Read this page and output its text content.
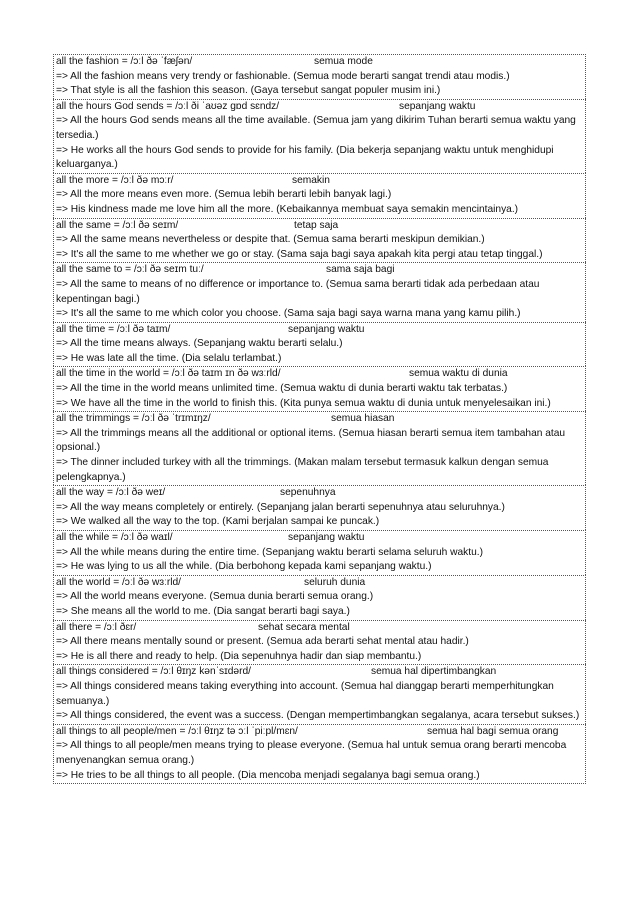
all the fashion = /ɔːl ðə ˈfæʃən/	semua mode
=> All the fashion means very trendy or fashionable. (Semua mode berarti sangat trendi atau modis.)
=> That style is all the fashion this season. (Gaya tersebut sangat populer musim ini.)
all the hours God sends = /ɔːl ði ˈaʊəz gɒd sɛndz/	sepanjang waktu
=> All the hours God sends means all the time available. (Semua jam yang dikirim Tuhan berarti semua waktu yang tersedia.)
=> He works all the hours God sends to provide for his family. (Dia bekerja sepanjang waktu untuk menghidupi keluarganya.)
all the more = /ɔːl ðə mɔːr/	semakin
=> All the more means even more. (Semua lebih berarti lebih banyak lagi.)
=> His kindness made me love him all the more. (Kebaikannya membuat saya semakin mencintainya.)
all the same = /ɔːl ðə seɪm/	tetap saja
=> All the same means nevertheless or despite that. (Semua sama berarti meskipun demikian.)
=> It's all the same to me whether we go or stay. (Sama saja bagi saya apakah kita pergi atau tetap tinggal.)
all the same to = /ɔːl ðə seɪm tuː/	sama saja bagi
=> All the same to means of no difference or importance to. (Semua sama berarti tidak ada perbedaan atau kepentingan bagi.)
=> It's all the same to me which color you choose. (Sama saja bagi saya warna mana yang kamu pilih.)
all the time = /ɔːl ðə taɪm/	sepanjang waktu
=> All the time means always. (Sepanjang waktu berarti selalu.)
=> He was late all the time. (Dia selalu terlambat.)
all the time in the world = /ɔːl ðə taɪm ɪn ðə wɜːrld/	semua waktu di dunia
=> All the time in the world means unlimited time. (Semua waktu di dunia berarti waktu tak terbatas.)
=> We have all the time in the world to finish this. (Kita punya semua waktu di dunia untuk menyelesaikan ini.)
all the trimmings = /ɔːl ðə ˈtrɪmɪŋz/	semua hiasan
=> All the trimmings means all the additional or optional items. (Semua hiasan berarti semua item tambahan atau opsional.)
=> The dinner included turkey with all the trimmings. (Makan malam tersebut termasuk kalkun dengan semua pelengkapnya.)
all the way = /ɔːl ðə weɪ/	sepenuhnya
=> All the way means completely or entirely. (Sepanjang jalan berarti sepenuhnya atau seluruhnya.)
=> We walked all the way to the top. (Kami berjalan sampai ke puncak.)
all the while = /ɔːl ðə waɪl/	sepanjang waktu
=> All the while means during the entire time. (Sepanjang waktu berarti selama seluruh waktu.)
=> He was lying to us all the while. (Dia berbohong kepada kami sepanjang waktu.)
all the world = /ɔːl ðə wɜːrld/	seluruh dunia
=> All the world means everyone. (Semua dunia berarti semua orang.)
=> She means all the world to me. (Dia sangat berarti bagi saya.)
all there = /ɔːl ðɛr/	sehat secara mental
=> All there means mentally sound or present. (Semua ada berarti sehat mental atau hadir.)
=> He is all there and ready to help. (Dia sepenuhnya hadir dan siap membantu.)
all things considered = /ɔːl θɪŋz kənˈsɪdərd/	semua hal dipertimbangkan
=> All things considered means taking everything into account. (Semua hal dianggap berarti memperhitungkan semuanya.)
=> All things considered, the event was a success. (Dengan mempertimbangkan segalanya, acara tersebut sukses.)
all things to all people/men = /ɔːl θɪŋz tə ɔːl ˈpiːpl/mɛn/	semua hal bagi semua orang
=> All things to all people/men means trying to please everyone. (Semua hal untuk semua orang berarti mencoba menyenangkan semua orang.)
=> He tries to be all things to all people. (Dia mencoba menjadi segalanya bagi semua orang.)
